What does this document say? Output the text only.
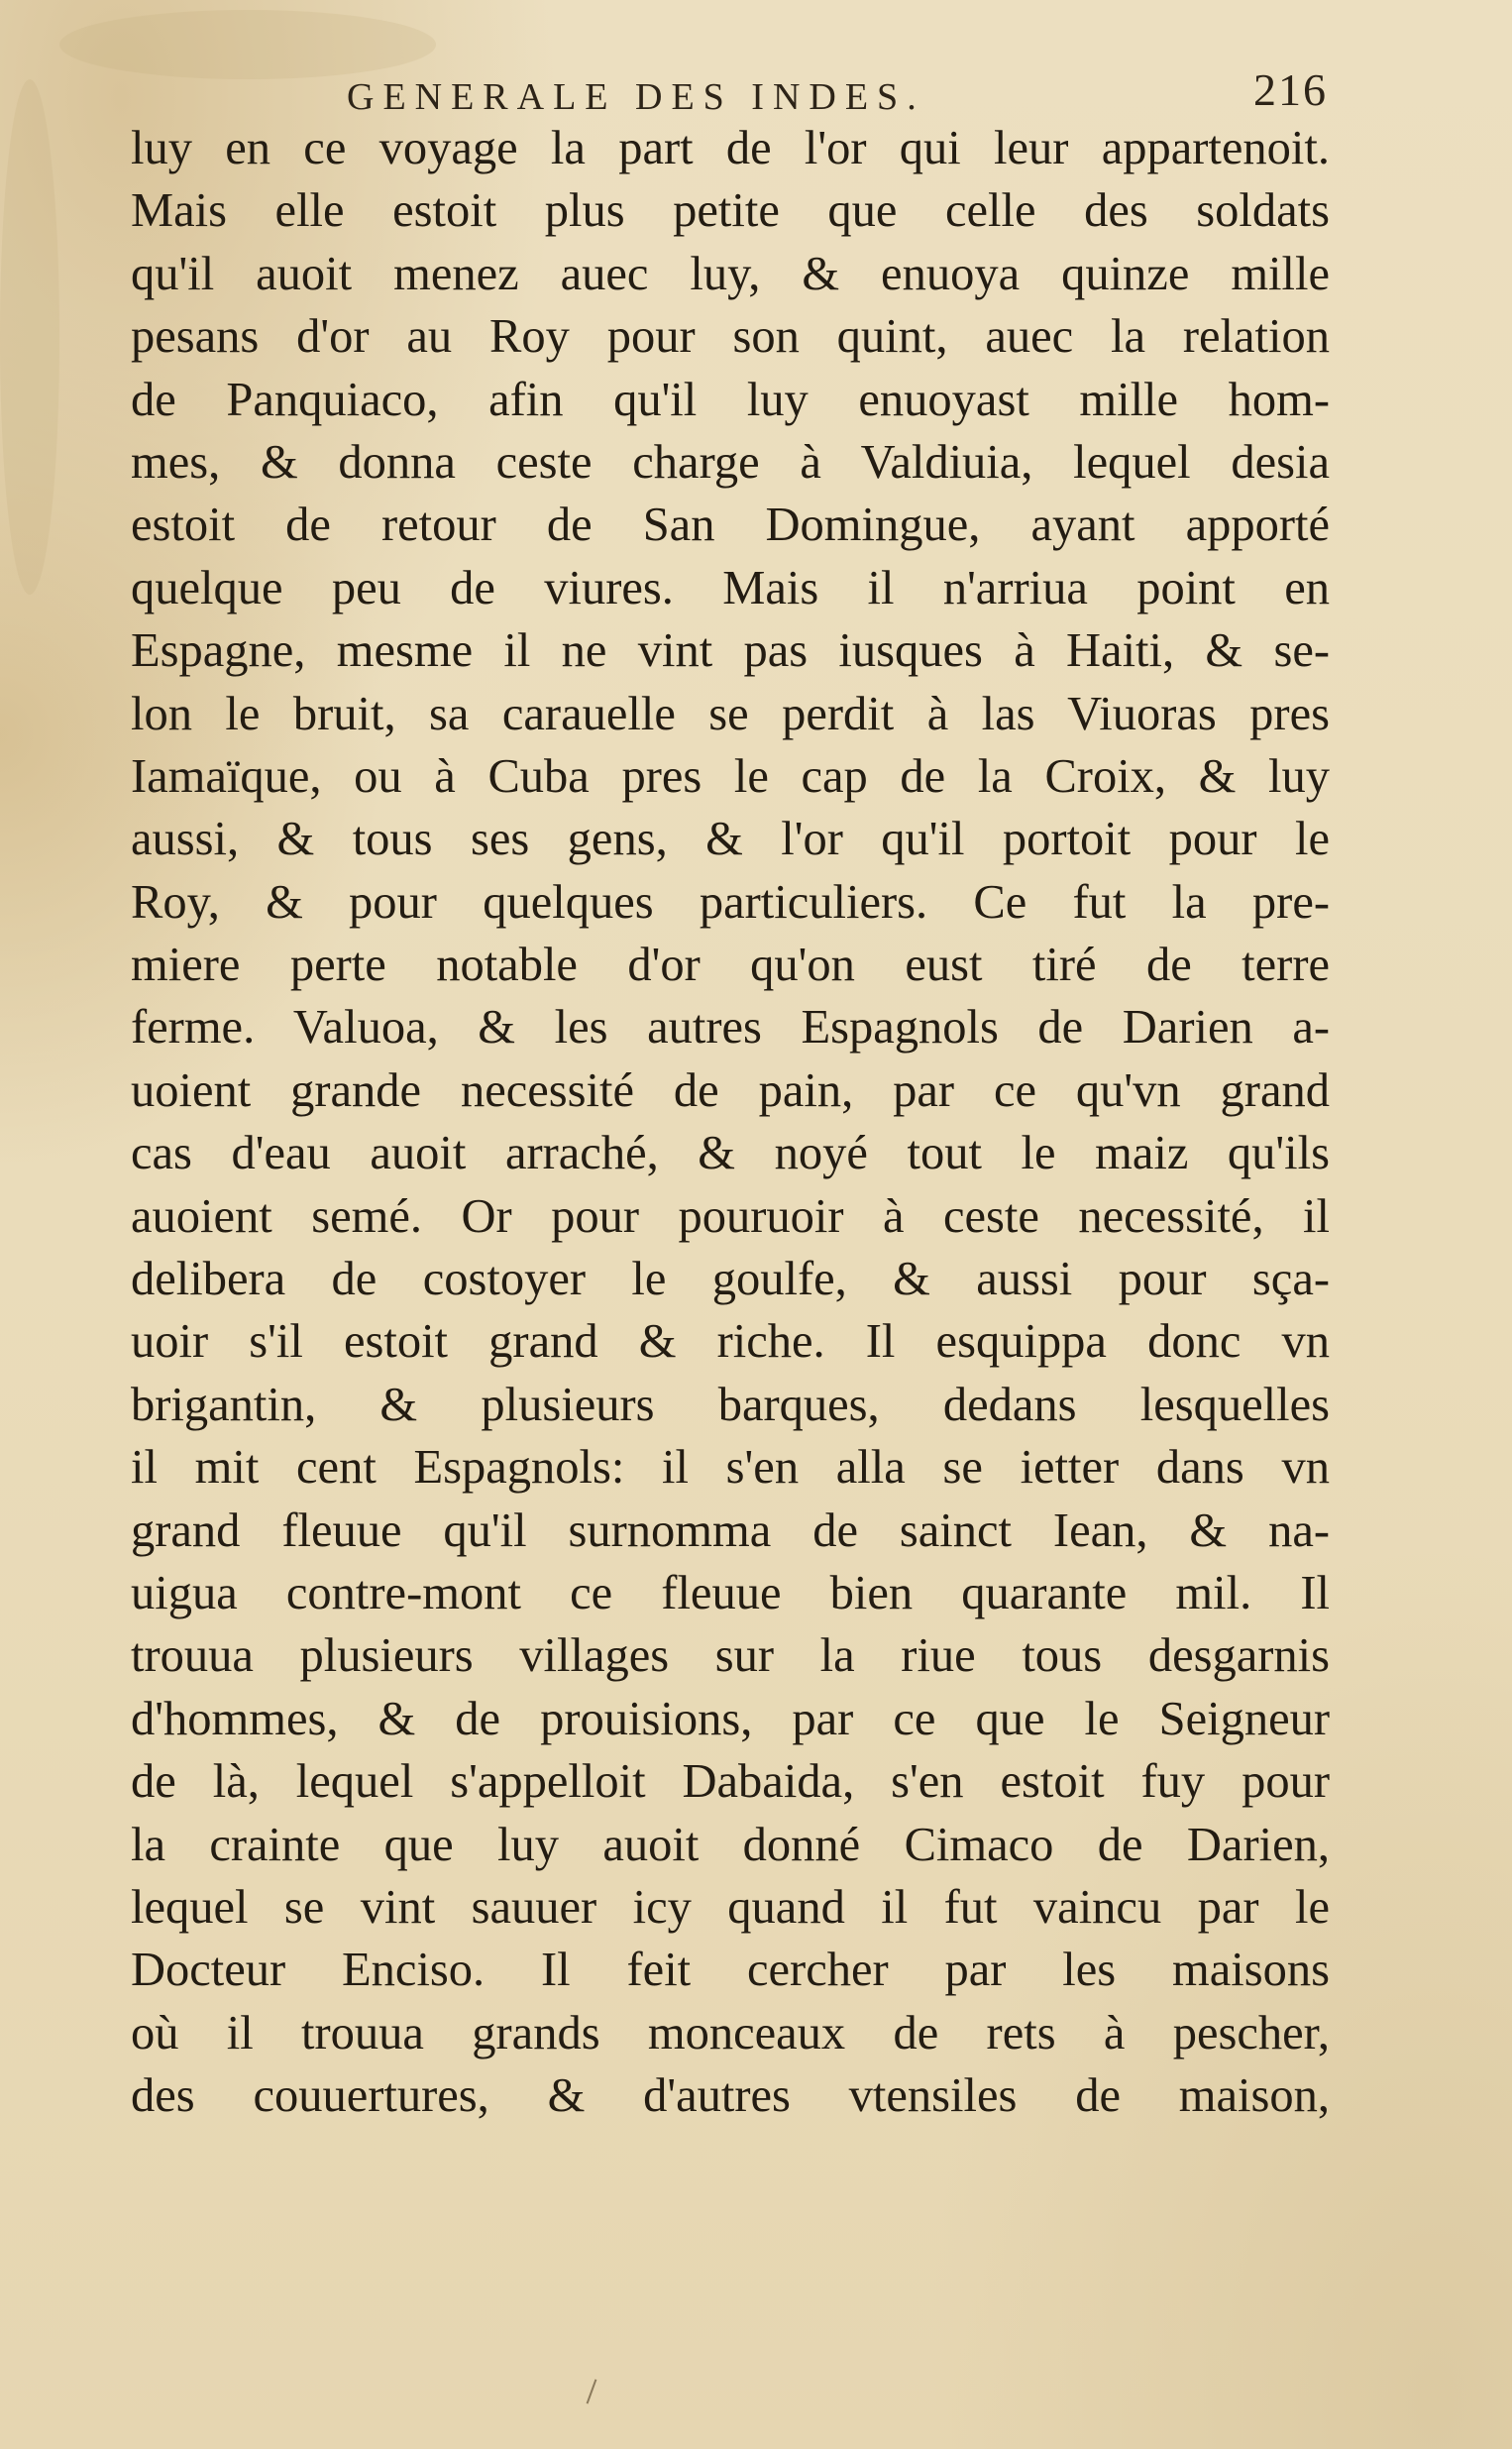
GENERALE DES INDES.	216
luy en ce voyage la part de l'or qui leur appartenoit.
Mais elle estoit plus petite que celle des soldats
qu'il auoit menez auec luy, & enuoya quinze mille
pesans d'or au Roy pour son quint, auec la relation
de Panquiaco, afin qu'il luy enuoyast mille hom-
mes, & donna ceste charge à Valdiuia, lequel desia
estoit de retour de San Domingue, ayant apporté
quelque peu de viures. Mais il n'arriua point en
Espagne, mesme il ne vint pas iusques à Haiti, & se-
lon le bruit, sa carauelle se perdit à las Viuoras pres
Iamaïque, ou à Cuba pres le cap de la Croix, & luy
aussi, & tous ses gens, & l'or qu'il portoit pour le
Roy, & pour quelques particuliers. Ce fut la pre-
miere perte notable d'or qu'on eust tiré de terre
ferme. Valuoa, & les autres Espagnols de Darien a-
uoient grande necessité de pain, par ce qu'vn grand
cas d'eau auoit arraché, & noyé tout le maiz qu'ils
auoient semé. Or pour pouruoir à ceste necessité, il
delibera de costoyer le goulfe, & aussi pour sça-
uoir s'il estoit grand & riche. Il esquippa donc vn
brigantin, & plusieurs barques, dedans lesquelles
il mit cent Espagnols: il s'en alla se ietter dans vn
grand fleuue qu'il surnomma de sainct Iean, & na-
uigua contre-mont ce fleuue bien quarante mil. Il
trouua plusieurs villages sur la riue tous desgarnis
d'hommes, & de prouisions, par ce que le Seigneur
de là, lequel s'appelloit Dabaida, s'en estoit fuy pour
la crainte que luy auoit donné Cimaco de Darien,
lequel se vint sauuer icy quand il fut vaincu par le
Docteur Enciso. Il feit cercher par les maisons
où il trouua grands monceaux de rets à pescher,
des couuertures, & d'autres vtensiles de maison,
